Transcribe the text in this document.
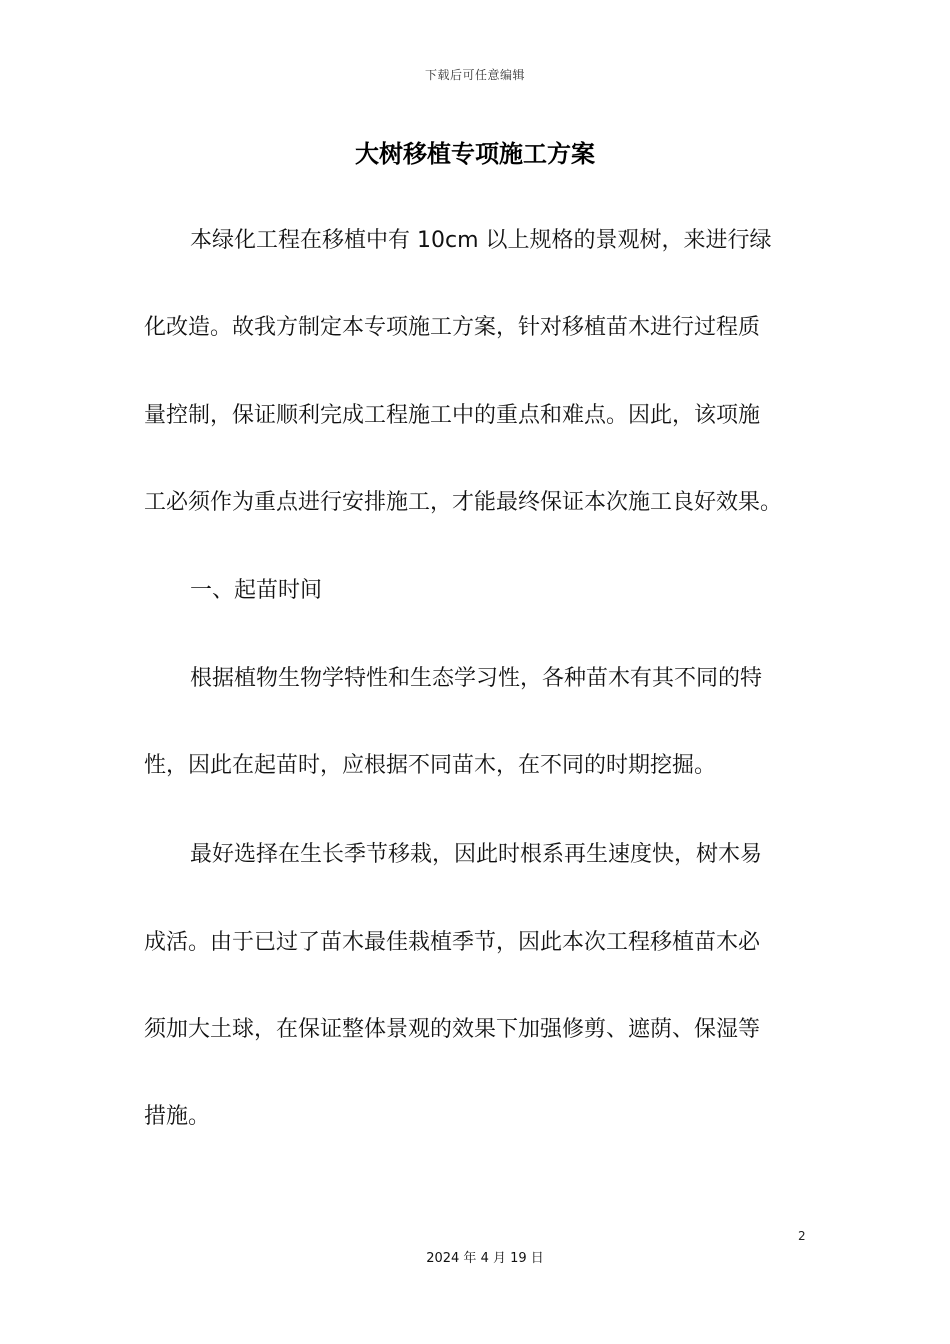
下载后可任意编辑
大树移植专项施工方案
本绿化工程在移植中有 10cm 以上规格的景观树，来进行绿
化改造。故我方制定本专项施工方案，针对移植苗木进行过程质
量控制，保证顺利完成工程施工中的重点和难点。因此，该项施
工必须作为重点进行安排施工，才能最终保证本次施工良好效果。
一、起苗时间
根据植物生物学特性和生态学习性，各种苗木有其不同的特
性，因此在起苗时，应根据不同苗木，在不同的时期挖掘。
最好选择在生长季节移栽，因此时根系再生速度快，树木易
成活。由于已过了苗木最佳栽植季节，因此本次工程移植苗木必
须加大土球，在保证整体景观的效果下加强修剪、遮荫、保湿等
措施。
2
2024 年 4 月 19 日
